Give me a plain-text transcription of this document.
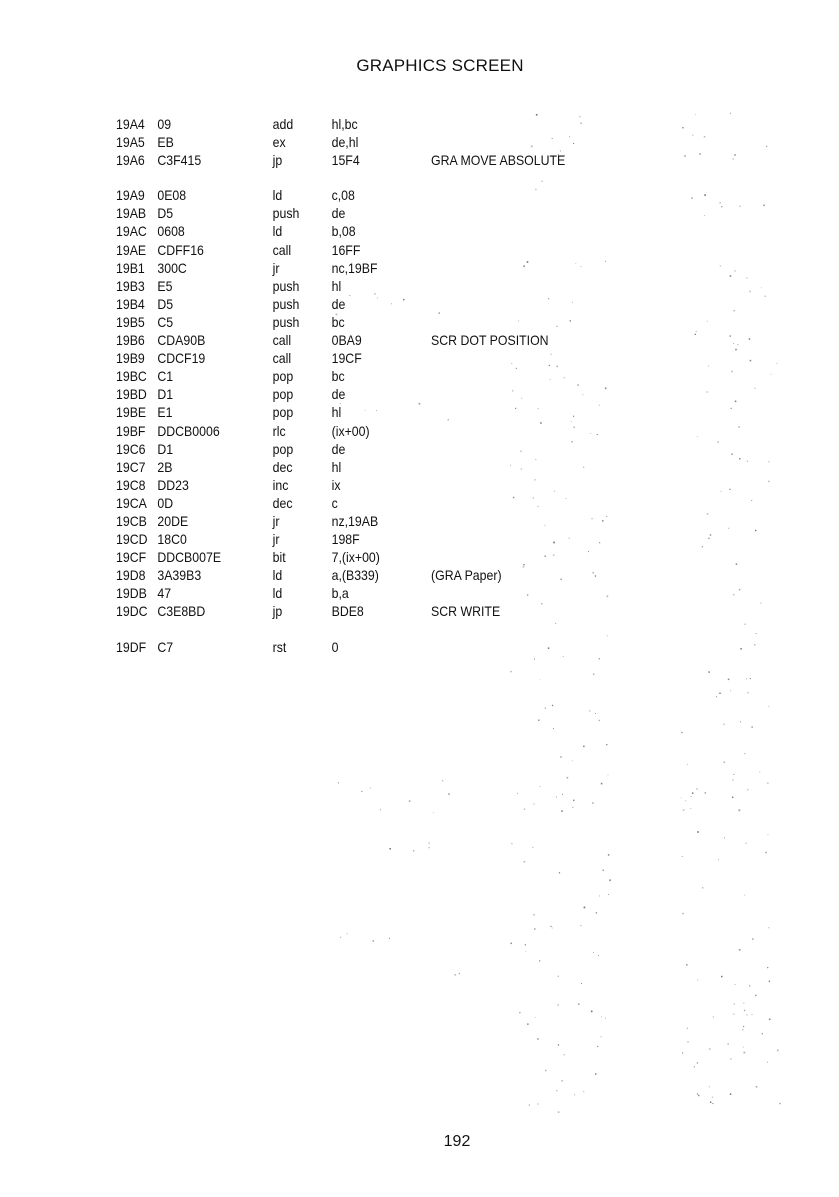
GRAPHICS SCREEN
19A4 09	add	hl,bc
19A5 EB	ex	de,hl
19A6 C3F415	jp	15F4	GRA MOVE ABSOLUTE
19A9 0E08	ld	c,08
19AB D5	push de
19AC 0608	ld	b,08
19AE CDFF16	call	16FF
19B1 300C	jr	nc,19BF
19B3 E5	push hl
19B4 D5	push de
19B5 C5	push bc
19B6 CDA90B	call	0BA9	SCR DOT POSITION
19B9 CDCF19	call	19CF
19BC C1	pop	bc
19BD D1	pop	de
19BE E1	pop	hl
19BF DDCB0006	rlc	(ix+00)
19C6 D1	pop	de
19C7 2B	dec	hl
19C8 DD23	inc	ix
19CA 0D	dec	c
19CB 20DE	jr	nz,19AB
19CD 18C0	jr	198F
19CF DDCB007E	bit	7,(ix+00)
19D8 3A39B3	ld	a,(B339)	(GRA Paper)
19DB 47	ld	b,a
19DC C3E8BD	jp	BDE8	SCR WRITE
19DF C7	rst	0
192
